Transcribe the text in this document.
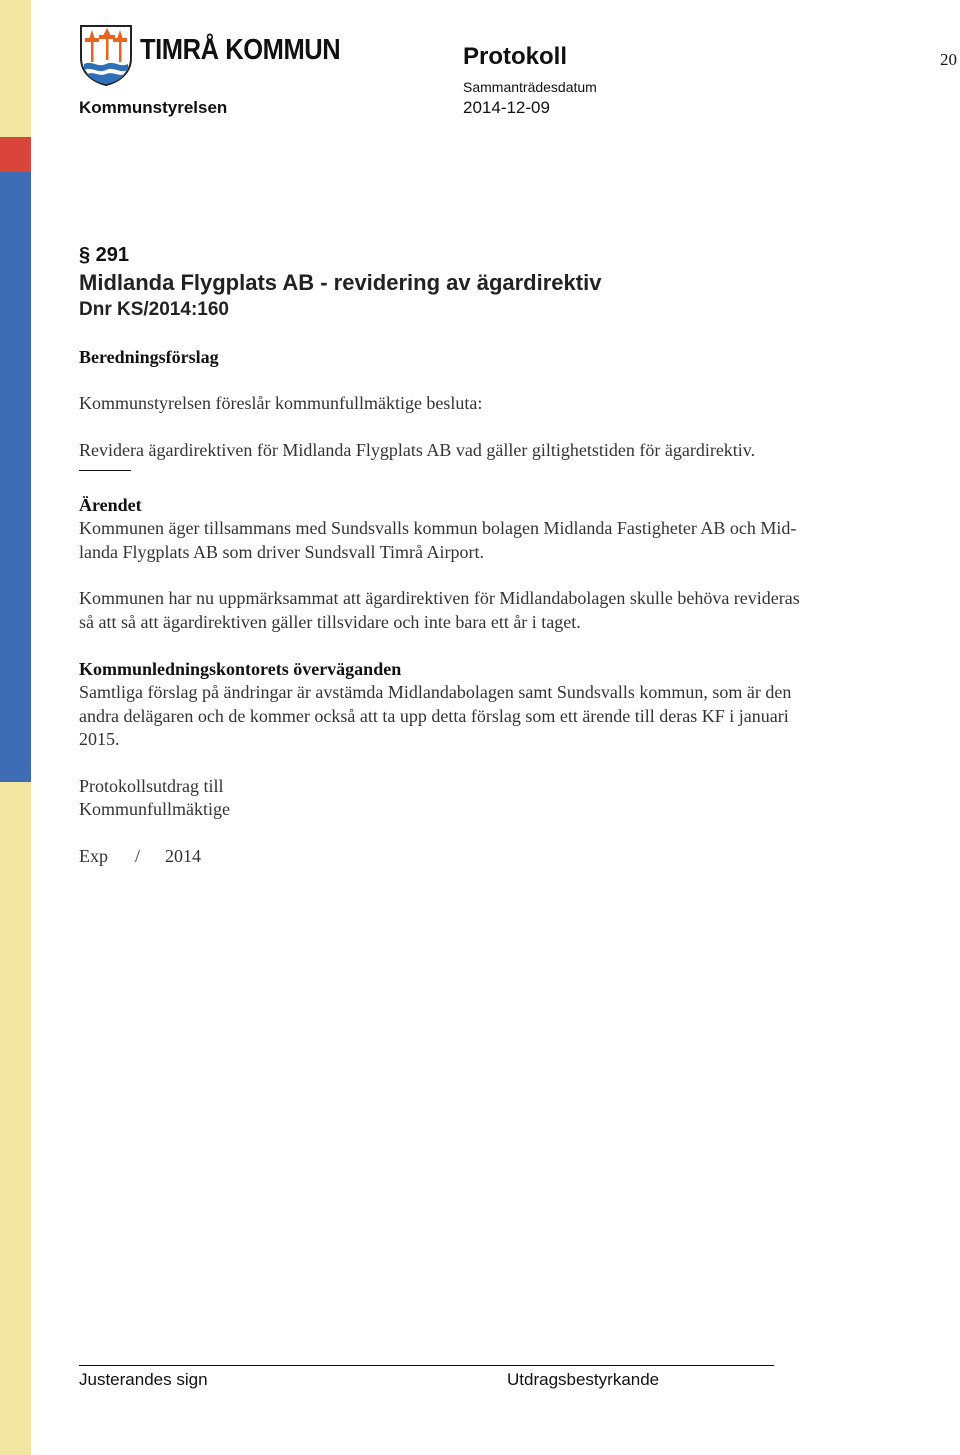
TIMRÅ KOMMUN	Protokoll	20
Sammanträdesdatum
Kommunstyrelsen	2014-12-09
§ 291
Midlanda Flygplats AB - revidering av ägardirektiv
Dnr KS/2014:160

Beredningsförslag

Kommunstyrelsen föreslår kommunfullmäktige besluta:

Revidera ägardirektiven för Midlanda Flygplats AB vad gäller giltighetstiden för ägardirektiv.

Ärendet

Kommunen äger tillsammans med Sundsvalls kommun bolagen Midlanda Fastigheter AB och Mid-

landa Flygplats AB som driver Sundsvall Timrå Airport.

Kommunen har nu uppmärksammat att ägardirektiven för Midlandabolagen skulle behöva revideras

så att så att ägardirektiven gäller tillsvidare och inte bara ett år i taget.

Kommunledningskontorets överväganden

Samtliga förslag på ändringar är avstämda Midlandabolagen samt Sundsvalls kommun, som är den

andra delägaren och de kommer också att ta upp detta förslag som ett ärende till deras KF i januari

2015.

Protokollsutdrag till

Kommunfullmäktige

Exp	/	2014

Justerandes sign	Utdragsbestyrkande
